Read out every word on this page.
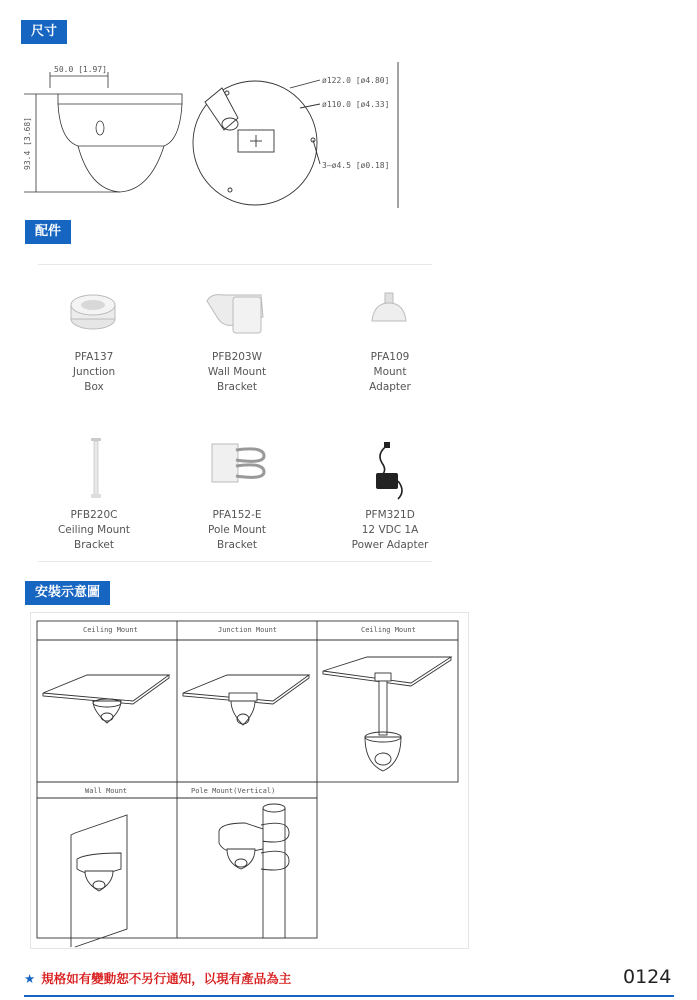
尺寸
配件
安裝示意圖
50.0 [1.97]
93.4 [3.68]
ø122.0 [ø4.80]
ø110.0 [ø4.33]
3–ø4.5 [ø0.18]
PFA137
Junction
Box
PFB203W
Wall Mount
Bracket
PFA109
Mount
Adapter
PFB220C
Ceiling Mount
Bracket
PFA152-E
Pole Mount
Bracket
PFM321D
12 VDC 1A
Power Adapter
Ceiling Mount	Junction Mount	Ceiling Mount
Wall Mount	Pole Mount(Vertical)
★ 規格如有變動恕不另行通知，以現有產品為主	0124
